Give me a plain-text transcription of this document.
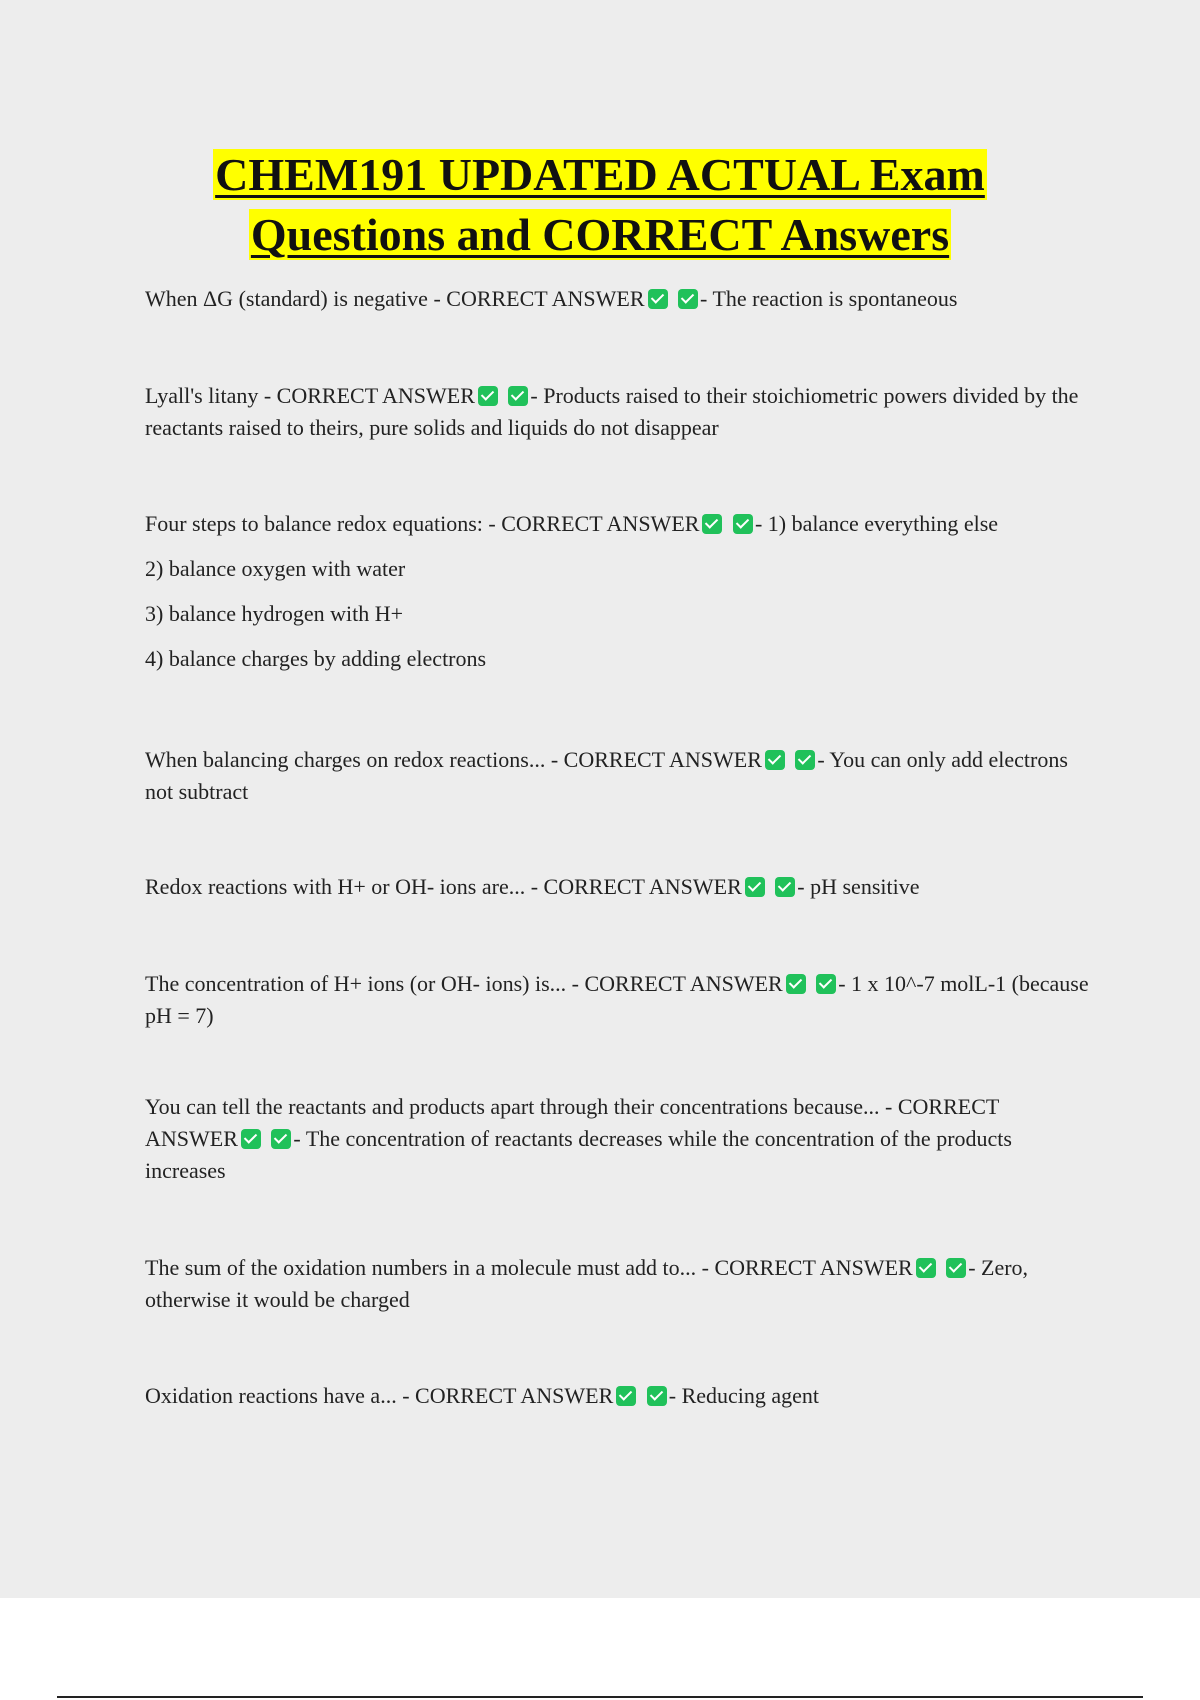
CHEM191 UPDATED ACTUAL Exam
Questions and CORRECT Answers

When ΔG (standard) is negative - CORRECT ANSWER	- The reaction is spontaneous

Lyall's litany - CORRECT ANSWER	- Products raised to their stoichiometric powers divided by the reactants raised to theirs, pure solids and liquids do not disappear

Four steps to balance redox equations: - CORRECT ANSWER	- 1) balance everything else

2) balance oxygen with water

3) balance hydrogen with H+

4) balance charges by adding electrons

When balancing charges on redox reactions... - CORRECT ANSWER	- You can only add electrons not subtract

Redox reactions with H+ or OH- ions are... - CORRECT ANSWER	- pH sensitive

The concentration of H+ ions (or OH- ions) is... - CORRECT ANSWER	- 1 x 10^-7 molL-1 (because pH = 7)

You can tell the reactants and products apart through their concentrations because... - CORRECT ANSWER	- The concentration of reactants decreases while the concentration of the products increases

The sum of the oxidation numbers in a molecule must add to... - CORRECT ANSWER	- Zero, otherwise it would be charged

Oxidation reactions have a... - CORRECT ANSWER	- Reducing agent
